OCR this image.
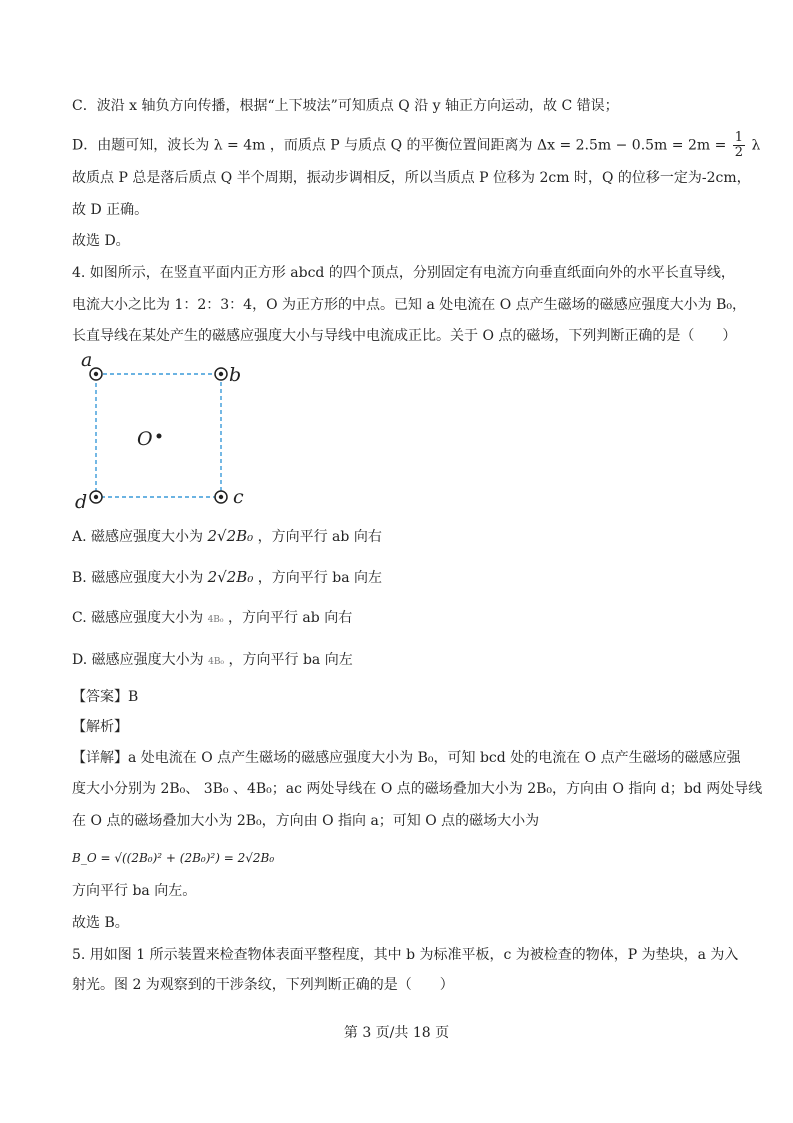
C．波沿 x 轴负方向传播，根据“上下坡法”可知质点 Q 沿 y 轴正方向运动，故 C 错误；
D．由题可知，波长为 λ = 4m ，而质点 P 与质点 Q 的平衡位置间距离为 $\Delta x = 2.5m - 0.5m = 2m = \frac{1}{2}$ λ
故质点 P 总是落后质点 Q 半个周期，振动步调相反，所以当质点 P 位移为 2cm 时，Q 的位移一定为-2cm，
故 D 正确。
故选 D。
4. 如图所示，在竖直平面内正方形 abcd 的四个顶点，分别固定有电流方向垂直纸面向外的水平长直导线，
电流大小之比为 1：2：3：4，O 为正方形的中点。已知 a 处电流在 O 点产生磁场的磁感应强度大小为 B₀，
长直导线在某处产生的磁感应强度大小与导线中电流成正比。关于 O 点的磁场，下列判断正确的是（　　）
a
b
c
d
O
A. 磁感应强度大小为 2√2B₀ ，方向平行 ab 向右
B. 磁感应强度大小为 2√2B₀ ，方向平行 ba 向左
C. 磁感应强度大小为 4B₀ ，方向平行 ab 向右
D. 磁感应强度大小为 4B₀ ，方向平行 ba 向左
【答案】B
【解析】
【详解】a 处电流在 O 点产生磁场的磁感应强度大小为 B₀，可知 bcd 处的电流在 O 点产生磁场的磁感应强
度大小分别为 2B₀、 3B₀ 、4B₀；ac 两处导线在 O 点的磁场叠加大小为 2B₀，方向由 O 指向 d；bd 两处导线
在 O 点的磁场叠加大小为 2B₀，方向由 O 指向 a；可知 O 点的磁场大小为
B_O = √((2B₀)² + (2B₀)²) = 2√2B₀
方向平行 ba 向左。
故选 B。
5. 用如图 1 所示装置来检查物体表面平整程度，其中 b 为标准平板，c 为被检查的物体，P 为垫块，a 为入
射光。图 2 为观察到的干涉条纹，下列判断正确的是（　　）
第 3 页/共 18 页
